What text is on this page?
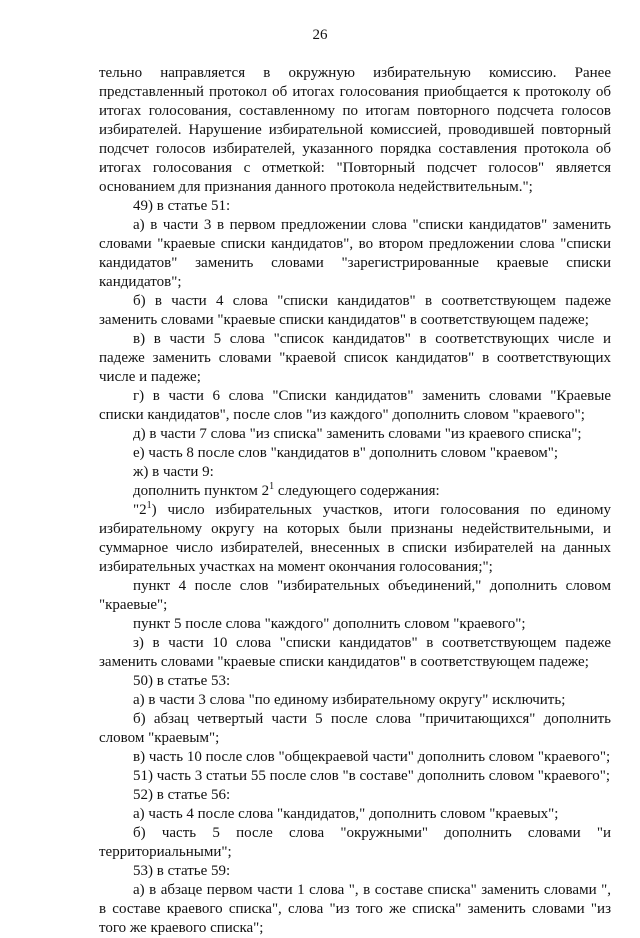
26

тельно направляется в окружную избирательную комиссию. Ранее представленный протокол об итогах голосования приобщается к протоколу об итогах голосования, составленному по итогам повторного подсчета голосов избирателей. Нарушение избирательной комиссией, проводившей повторный подсчет голосов избирателей, указанного порядка составления протокола об итогах голосования с отметкой: "Повторный подсчет голосов" является основанием для признания данного протокола недействительным.";

49) в статье 51:

а) в части 3 в первом предложении слова "списки кандидатов" заменить словами "краевые списки кандидатов", во втором предложении слова "списки кандидатов" заменить словами "зарегистрированные краевые списки кандидатов";

б) в части 4 слова "списки кандидатов" в соответствующем падеже заменить словами "краевые списки кандидатов" в соответствующем падеже;

в) в части 5 слова "список кандидатов" в соответствующих числе и падеже заменить словами "краевой список кандидатов" в соответствующих числе и падеже;

г) в части 6 слова "Списки кандидатов" заменить словами "Краевые списки кандидатов", после слов "из каждого" дополнить словом "краевого";

д) в части 7 слова "из списка" заменить словами "из краевого списка";

е) часть 8 после слов "кандидатов в" дополнить словом "краевом";

ж) в части 9:

дополнить пунктом $2^1$ следующего содержания:

"$2^1$) число избирательных участков, итоги голосования по единому избирательному округу на которых были признаны недействительными, и суммарное число избирателей, внесенных в списки избирателей на данных избирательных участках на момент окончания голосования;";

пункт 4 после слов "избирательных объединений," дополнить словом "краевые";

пункт 5 после слова "каждого" дополнить словом "краевого";

з) в части 10 слова "списки кандидатов" в соответствующем падеже заменить словами "краевые списки кандидатов" в соответствующем падеже;

50) в статье 53:

а) в части 3 слова "по единому избирательному округу" исключить;

б) абзац четвертый части 5 после слова "причитающихся" дополнить словом "краевым";

в) часть 10 после слов "общекраевой части" дополнить словом "краевого";

51) часть 3 статьи 55 после слов "в составе" дополнить словом "краевого";

52) в статье 56:

а) часть 4 после слова "кандидатов," дополнить словом "краевых";

б) часть 5 после слова "окружными" дополнить словами "и территориальными";

53) в статье 59:

а) в абзаце первом части 1 слова ", в составе списка" заменить словами ", в составе краевого списка", слова "из того же списка" заменить словами "из того же краевого списка";
